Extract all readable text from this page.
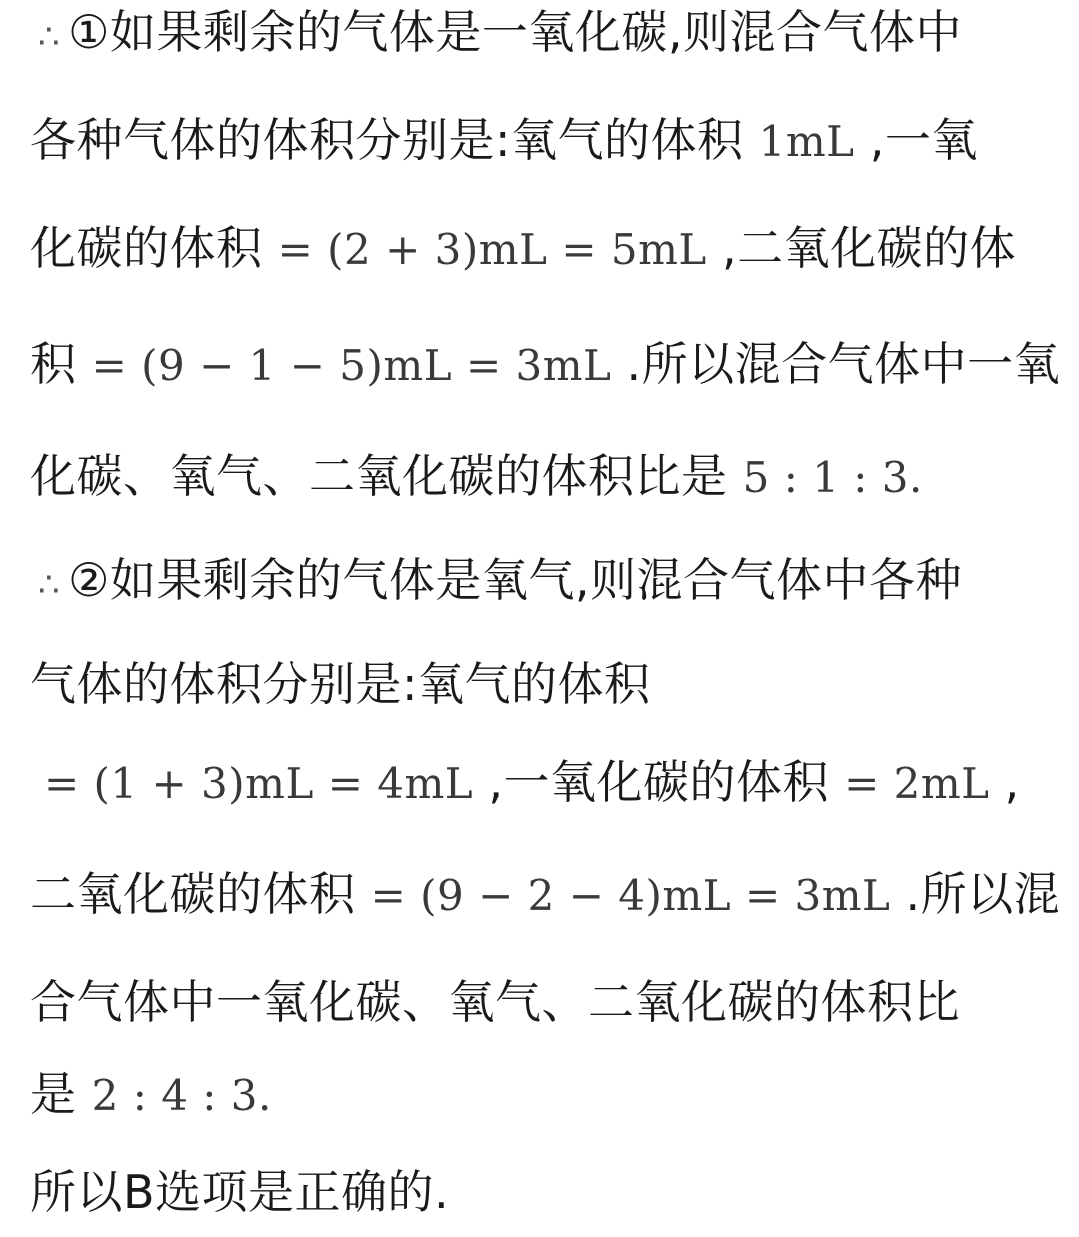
∴ ①如果剩余的气体是一氧化碳,则混合气体中
各种气体的体积分别是:氧气的体积 1mL ,一氧
化碳的体积 = (2 + 3)mL = 5mL ,二氧化碳的体
积 = (9 − 1 − 5)mL = 3mL .所以混合气体中一氧
化碳、氧气、二氧化碳的体积比是 5 : 1 : 3.
∴ ②如果剩余的气体是氧气,则混合气体中各种
气体的体积分别是:氧气的体积
= (1 + 3)mL = 4mL ,一氧化碳的体积 = 2mL ,
二氧化碳的体积 = (9 − 2 − 4)mL = 3mL .所以混
合气体中一氧化碳、氧气、二氧化碳的体积比
是 2 : 4 : 3.
所以B选项是正确的.
